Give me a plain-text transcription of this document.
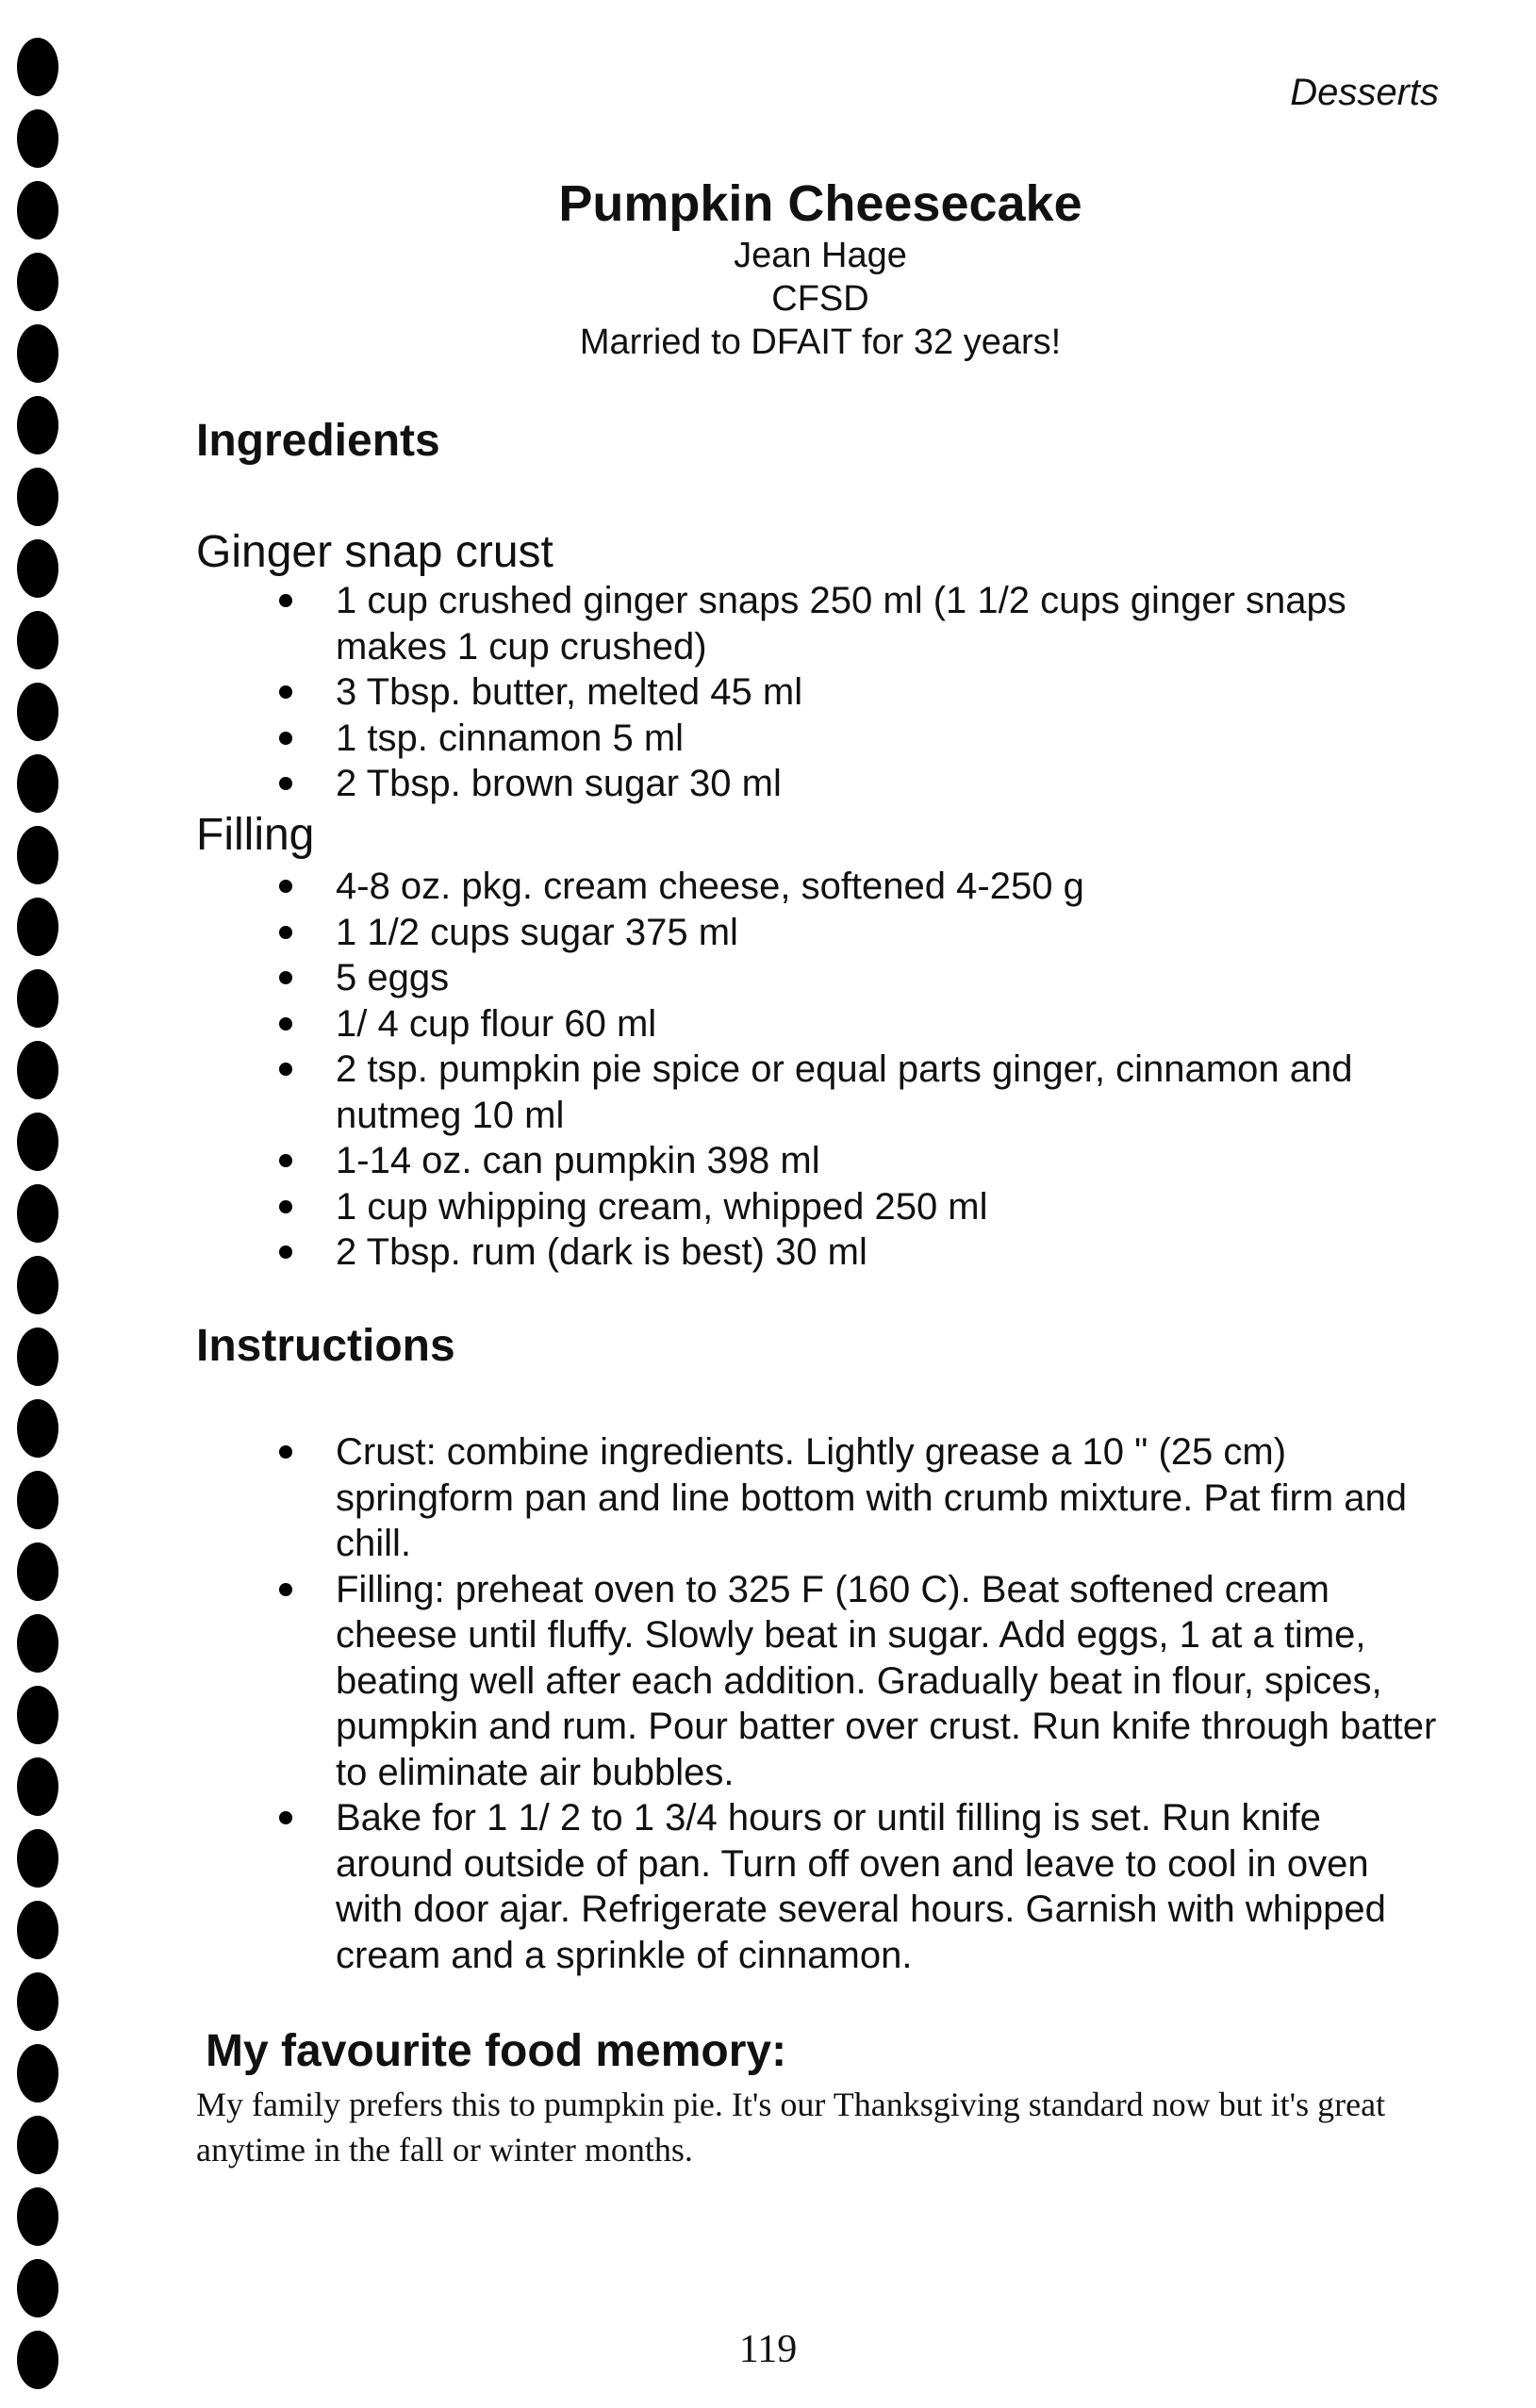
Desserts
Pumpkin Cheesecake
Jean Hage
CFSD
Married to DFAIT for 32 years!
Ingredients
Ginger snap crust
1 cup crushed ginger snaps 250 ml (1 1/2 cups ginger snaps makes 1 cup crushed)
3 Tbsp. butter, melted 45 ml
1 tsp. cinnamon 5 ml
2 Tbsp. brown sugar 30 ml
Filling
4-8 oz. pkg. cream cheese, softened 4-250 g
1 1/2 cups sugar 375 ml
5 eggs
1/ 4 cup flour 60 ml
2 tsp. pumpkin pie spice or equal parts ginger, cinnamon and nutmeg 10 ml
1-14 oz. can pumpkin 398 ml
1 cup whipping cream, whipped 250 ml
2 Tbsp. rum (dark is best) 30 ml
Instructions
Crust: combine ingredients. Lightly grease a 10 " (25 cm) springform pan and line bottom with crumb mixture. Pat firm and chill.
Filling: preheat oven to 325 F (160 C). Beat softened cream cheese until fluffy. Slowly beat in sugar. Add eggs, 1 at a time, beating well after each addition. Gradually beat in flour, spices, pumpkin and rum. Pour batter over crust. Run knife through batter to eliminate air bubbles.
Bake for 1 1/ 2 to 1 3/4 hours or until filling is set. Run knife around outside of pan. Turn off oven and leave to cool in oven with door ajar. Refrigerate several hours. Garnish with whipped cream and a sprinkle of cinnamon.
My favourite food memory:
My family prefers this to pumpkin pie. It's our Thanksgiving standard now but it's great anytime in the fall or winter months.
119
